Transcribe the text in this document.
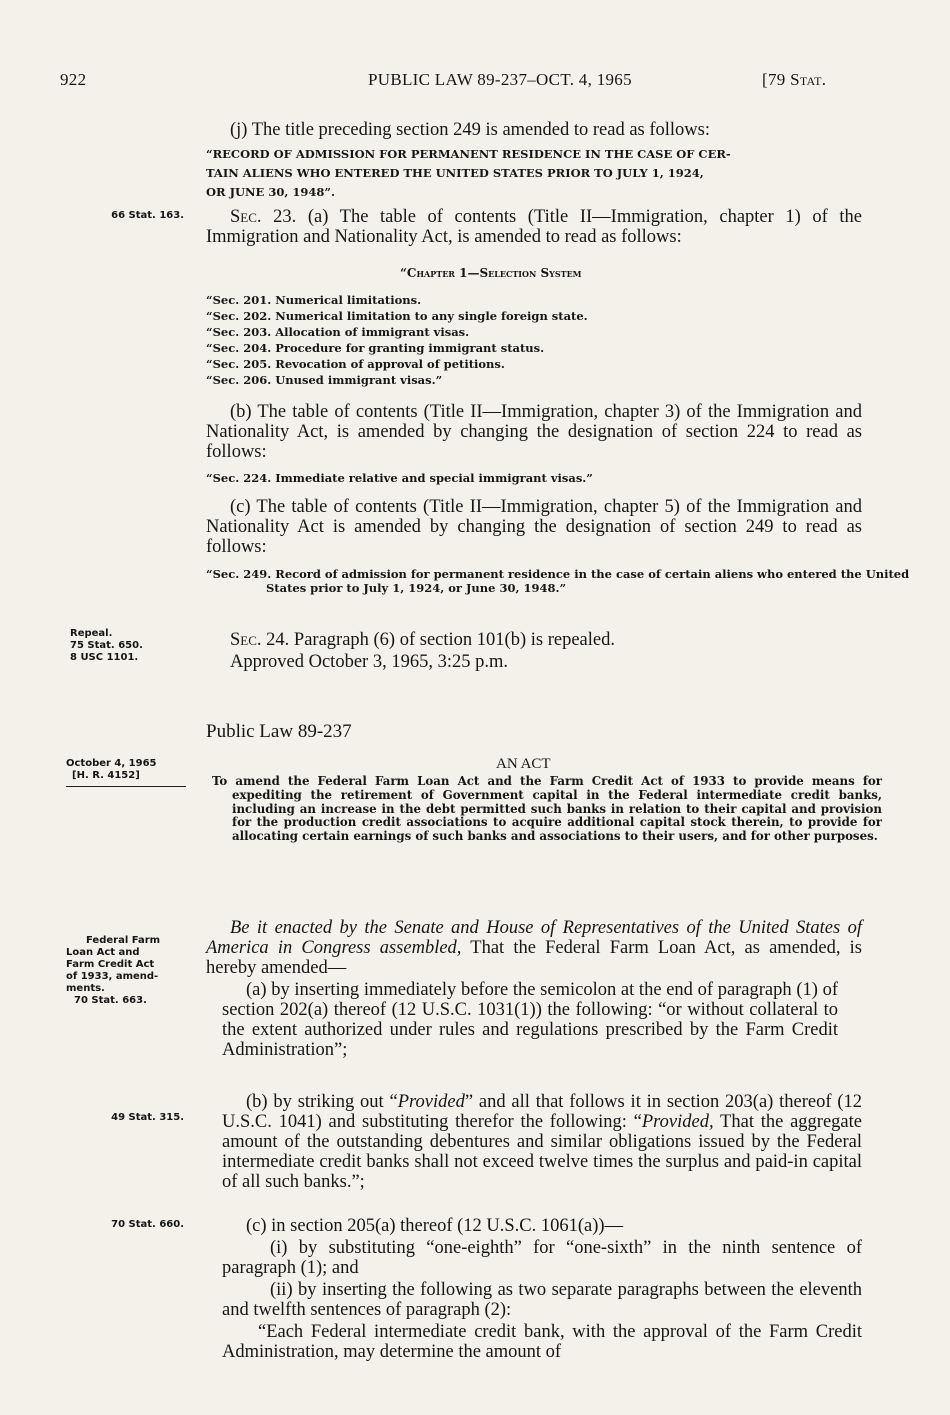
922	PUBLIC LAW 89-237–OCT. 4, 1965	[79 Stat.
(j) The title preceding section 249 is amended to read as follows:
“RECORD OF ADMISSION FOR PERMANENT RESIDENCE IN THE CASE OF CER-
TAIN ALIENS WHO ENTERED THE UNITED STATES PRIOR TO JULY 1, 1924,
OR JUNE 30, 1948”.
66 Stat. 163.	Sec. 23. (a) The table of contents (Title II—Immigration, chapter 1) of the Immigration and Nationality Act, is amended to read as follows:
“Chapter 1—Selection System
“Sec. 201. Numerical limitations.
“Sec. 202. Numerical limitation to any single foreign state.
“Sec. 203. Allocation of immigrant visas.
“Sec. 204. Procedure for granting immigrant status.
“Sec. 205. Revocation of approval of petitions.
“Sec. 206. Unused immigrant visas.”
(b) The table of contents (Title II—Immigration, chapter 3) of the Immigration and Nationality Act, is amended by changing the designation of section 224 to read as follows:
“Sec. 224. Immediate relative and special immigrant visas.”
(c) The table of contents (Title II—Immigration, chapter 5) of the Immigration and Nationality Act is amended by changing the designation of section 249 to read as follows:
“Sec. 249. Record of admission for permanent residence in the case of certain aliens who entered the United States prior to July 1, 1924, or June 30, 1948.”
Repeal.
75 Stat. 650.
8 USC 1101.
Sec. 24. Paragraph (6) of section 101(b) is repealed.
Approved October 3, 1965, 3:25 p.m.
Public Law 89-237
October 4, 1965
[H. R. 4152]
AN ACT
To amend the Federal Farm Loan Act and the Farm Credit Act of 1933 to provide means for expediting the retirement of Government capital in the Federal intermediate credit banks, including an increase in the debt permitted such banks in relation to their capital and provision for the production credit associations to acquire additional capital stock therein, to provide for allocating certain earnings of such banks and associations to their users, and for other purposes.
Federal Farm
Loan Act and
Farm Credit Act
of 1933, amend-
ments.
70 Stat. 663.
Be it enacted by the Senate and House of Representatives of the United States of America in Congress assembled, That the Federal Farm Loan Act, as amended, is hereby amended—
(a) by inserting immediately before the semicolon at the end of paragraph (1) of section 202(a) thereof (12 U.S.C. 1031(1)) the following: “or without collateral to the extent authorized under rules and regulations prescribed by the Farm Credit Administration”;
49 Stat. 315.
(b) by striking out “Provided” and all that follows it in section 203(a) thereof (12 U.S.C. 1041) and substituting therefor the following: “Provided, That the aggregate amount of the outstanding debentures and similar obligations issued by the Federal intermediate credit banks shall not exceed twelve times the surplus and paid-in capital of all such banks.”;
70 Stat. 660.	(c) in section 205(a) thereof (12 U.S.C. 1061(a))—
(i) by substituting “one-eighth” for “one-sixth” in the ninth sentence of paragraph (1); and
(ii) by inserting the following as two separate paragraphs between the eleventh and twelfth sentences of paragraph (2):
“Each Federal intermediate credit bank, with the approval of the Farm Credit Administration, may determine the amount of
